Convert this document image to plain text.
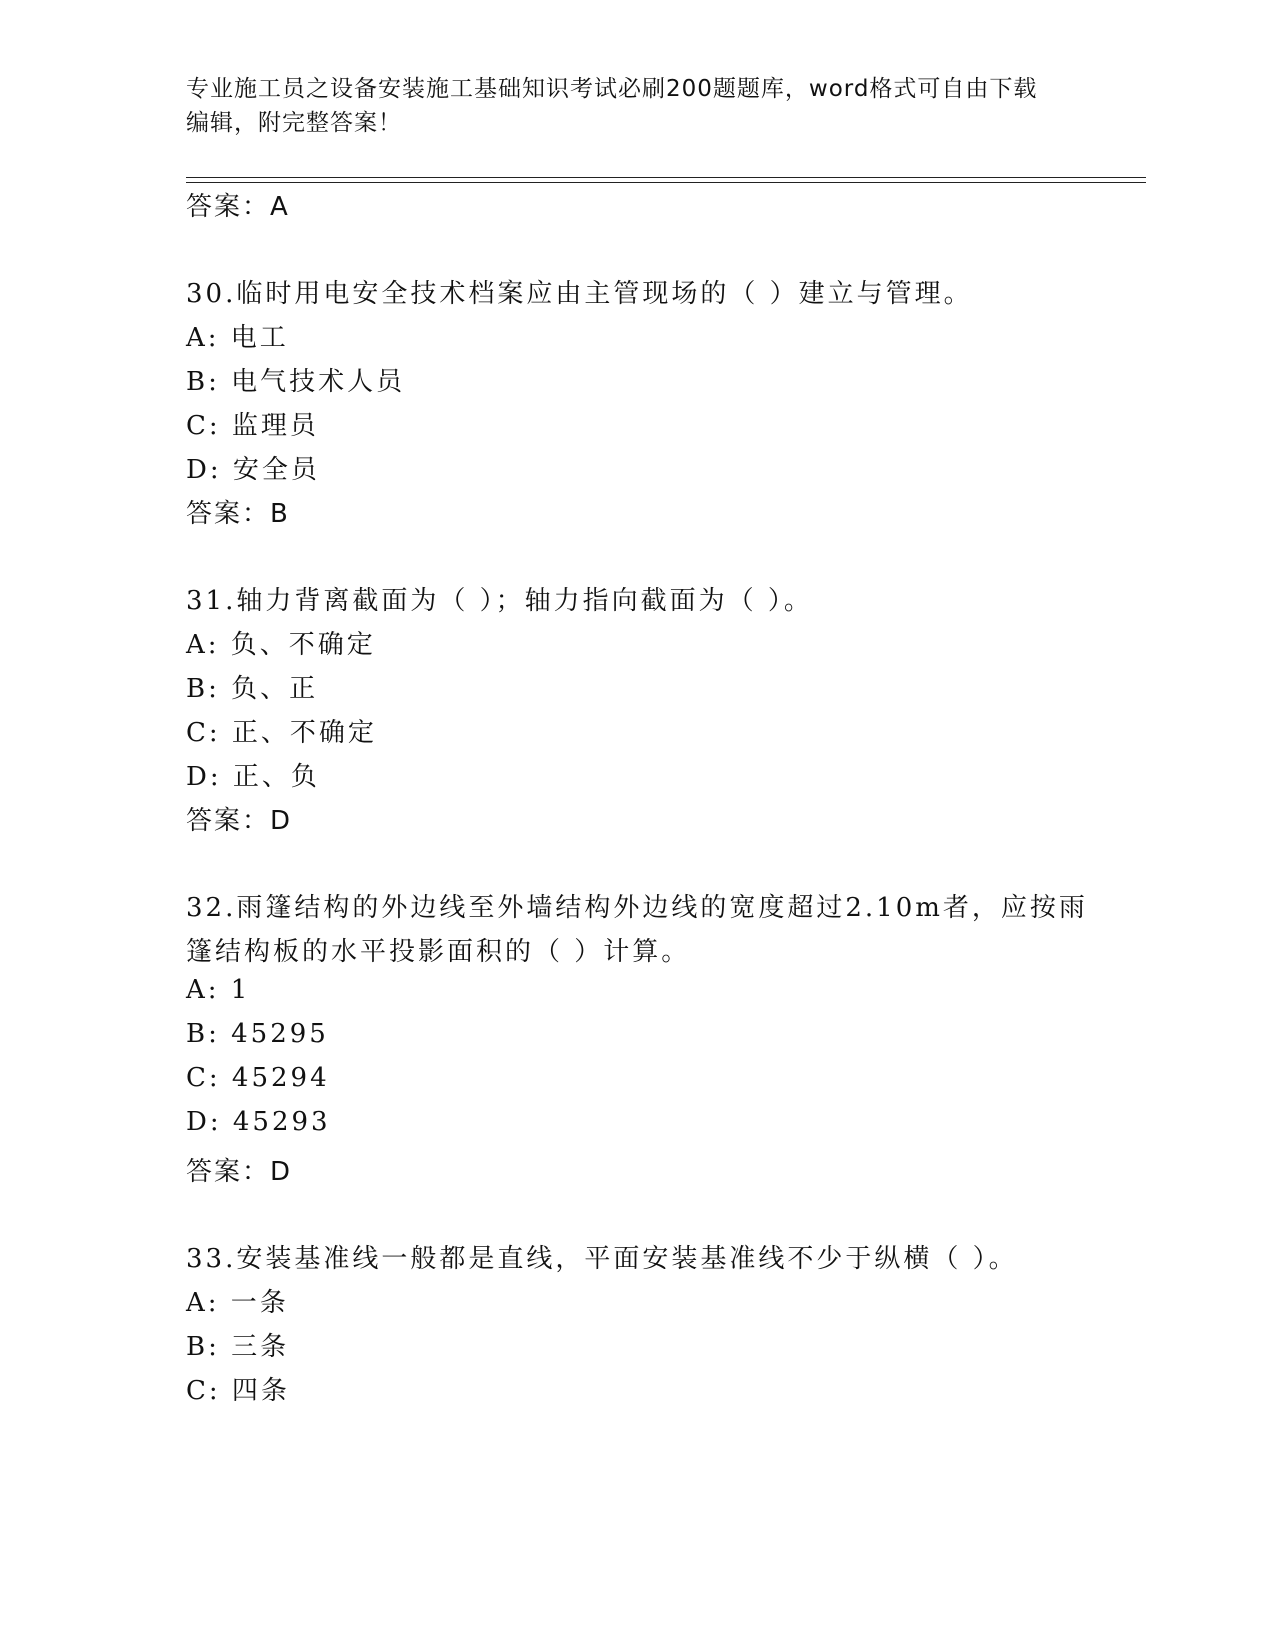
专业施工员之设备安装施工基础知识考试必刷200题题库，word格式可自由下载
编辑，附完整答案！
答案：A
30.临时用电安全技术档案应由主管现场的（ ）建立与管理。
A: 电工
B: 电气技术人员
C: 监理员
D: 安全员
答案：B
31.轴力背离截面为（ ）；轴力指向截面为（ ）。
A: 负、不确定
B: 负、正
C: 正、不确定
D: 正、负
答案：D
32.雨篷结构的外边线至外墙结构外边线的宽度超过2.10m者，应按雨
篷结构板的水平投影面积的（ ）计算。
A: 1
B: 45295
C: 45294
D: 45293
答案：D
33.安装基准线一般都是直线，平面安装基准线不少于纵横（ ）。
A: 一条
B: 三条
C: 四条
